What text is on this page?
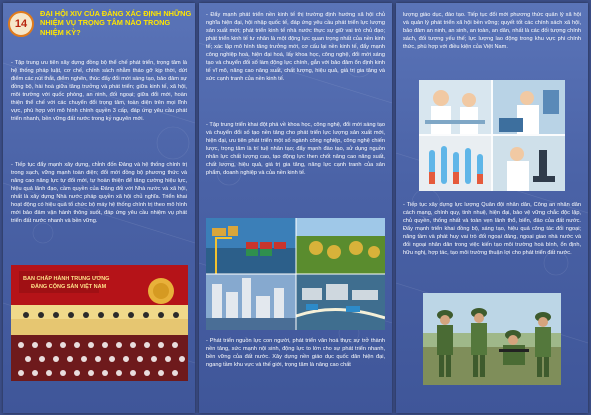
14
ĐẠI HỘI XIV CỦA ĐẢNG XÁC ĐỊNH NHỮNG NHIỆM VỤ TRỌNG TÂM NÀO TRONG NHIỆM KỲ?
- Tập trung ưu tiên xây dựng đồng bộ thể chế phát triển, trọng tâm là hệ thống pháp luật, cơ chế, chính sách nhằm tháo gỡ kịp thời, dứt điểm các nút thắt, điểm nghẽn, thúc đẩy đổi mới sáng tạo, bảo đảm sự đồng bộ, hài hoà giữa tăng trưởng và phát triển; giữa kinh tế, xã hội, môi trường với quốc phòng, an ninh, đối ngoại; giữa đổi mới, hoàn thiện thể chế với các chuyển đổi trọng tâm, toàn diện trên mọi lĩnh vực, phù hợp với mô hình chính quyền 3 cấp, đáp ứng yêu cầu phát triển nhanh, bền vững đất nước trong kỷ nguyên mới.
- Tiếp tục đẩy mạnh xây dựng, chỉnh đốn Đảng và hệ thống chính trị trong sạch, vững mạnh toàn diện; đổi mới đồng bộ phương thức và nâng cao năng lực tự đổi mới, tự hoàn thiện để tăng cường hiệu lực, hiệu quả lãnh đạo, cầm quyền của Đảng đối với Nhà nước và xã hội, nhất là xây dựng Nhà nước pháp quyền xã hội chủ nghĩa. Triển khai hoạt động có hiệu quả tổ chức bộ máy hệ thống chính trị theo mô hình mới bảo đảm vận hành thông suốt, đáp ứng yêu cầu nhiệm vụ phát triển đất nước nhanh và bền vững.
BAN CHẤP HÀNH TRUNG ƯƠNG
ĐẢNG CỘNG SẢN VIỆT NAM
- Đẩy mạnh phát triển nền kinh tế thị trường định hướng xã hội chủ nghĩa hiện đại, hội nhập quốc tế, đáp ứng yêu cầu phát triển lực lượng sản xuất mới; phát triển kinh tế nhà nước thực sự giữ vai trò chủ đạo; phát triển kinh tế tư nhân là một động lực quan trọng nhất của nền kinh tế; xác lập mô hình tăng trưởng mới, cơ cấu lại nền kinh tế, đẩy mạnh công nghiệp hoá, hiện đại hoá, lấy khoa học, công nghệ, đổi mới sáng tạo và chuyển đổi số làm động lực chính, gắn với bảo đảm ổn định kinh tế vĩ mô, nâng cao năng suất, chất lượng, hiệu quả, giá trị gia tăng và sức cạnh tranh của nền kinh tế.
- Tập trung triển khai đột phá về khoa học, công nghệ, đổi mới sáng tạo và chuyển đổi số tạo nền tảng cho phát triển lực lượng sản xuất mới, hiện đại, ưu tiên phát triển một số ngành công nghiệp, công nghệ chiến lược, trọng tâm là trí tuệ nhân tạo; đẩy mạnh đào tạo, sử dụng nguồn nhân lực chất lượng cao, tạo động lực then chốt nâng cao năng suất, chất lượng, hiệu quả, giá trị gia tăng, năng lực cạnh tranh của sản phẩm, doanh nghiệp và của nền kinh tế.
- Phát triển nguồn lực con người, phát triển văn hoá thực sự trở thành nền tảng, sức mạnh nội sinh, động lực to lớn cho sự phát triển nhanh, bền vững của đất nước. Xây dựng nền giáo dục quốc dân hiện đại, ngang tầm khu vực và thế giới, trọng tâm là nâng cao chất
lượng giáo dục, đào tạo. Tiếp tục đổi mới phương thức quản lý xã hội và quản lý phát triển xã hội bền vững; quyết tốt các chính sách xã hội, bảo đảm an ninh, an sinh, an toàn, an dân, nhất là các đối tượng chính sách, đối tượng yếu thế; lực lượng lao động trong khu vực phi chính thức, phù hợp với điều kiện của Việt Nam.
- Tiếp tục xây dựng lực lượng Quân đội nhân dân, Công an nhân dân cách mạng, chính quy, tinh nhuệ, hiện đại, bảo vệ vững chắc độc lập, chủ quyền, thống nhất và toàn vẹn lãnh thổ, biển, đảo của đất nước. Đẩy mạnh triển khai đồng bộ, sáng tạo, hiệu quả công tác đối ngoại; nâng tầm và phát huy vai trò đối ngoại đảng, ngoại giao nhà nước và đối ngoại nhân dân trong việc kiến tạo môi trường hoà bình, ổn định, hữu nghị, hợp tác, tạo môi trường thuận lợi cho phát triển đất nước.
